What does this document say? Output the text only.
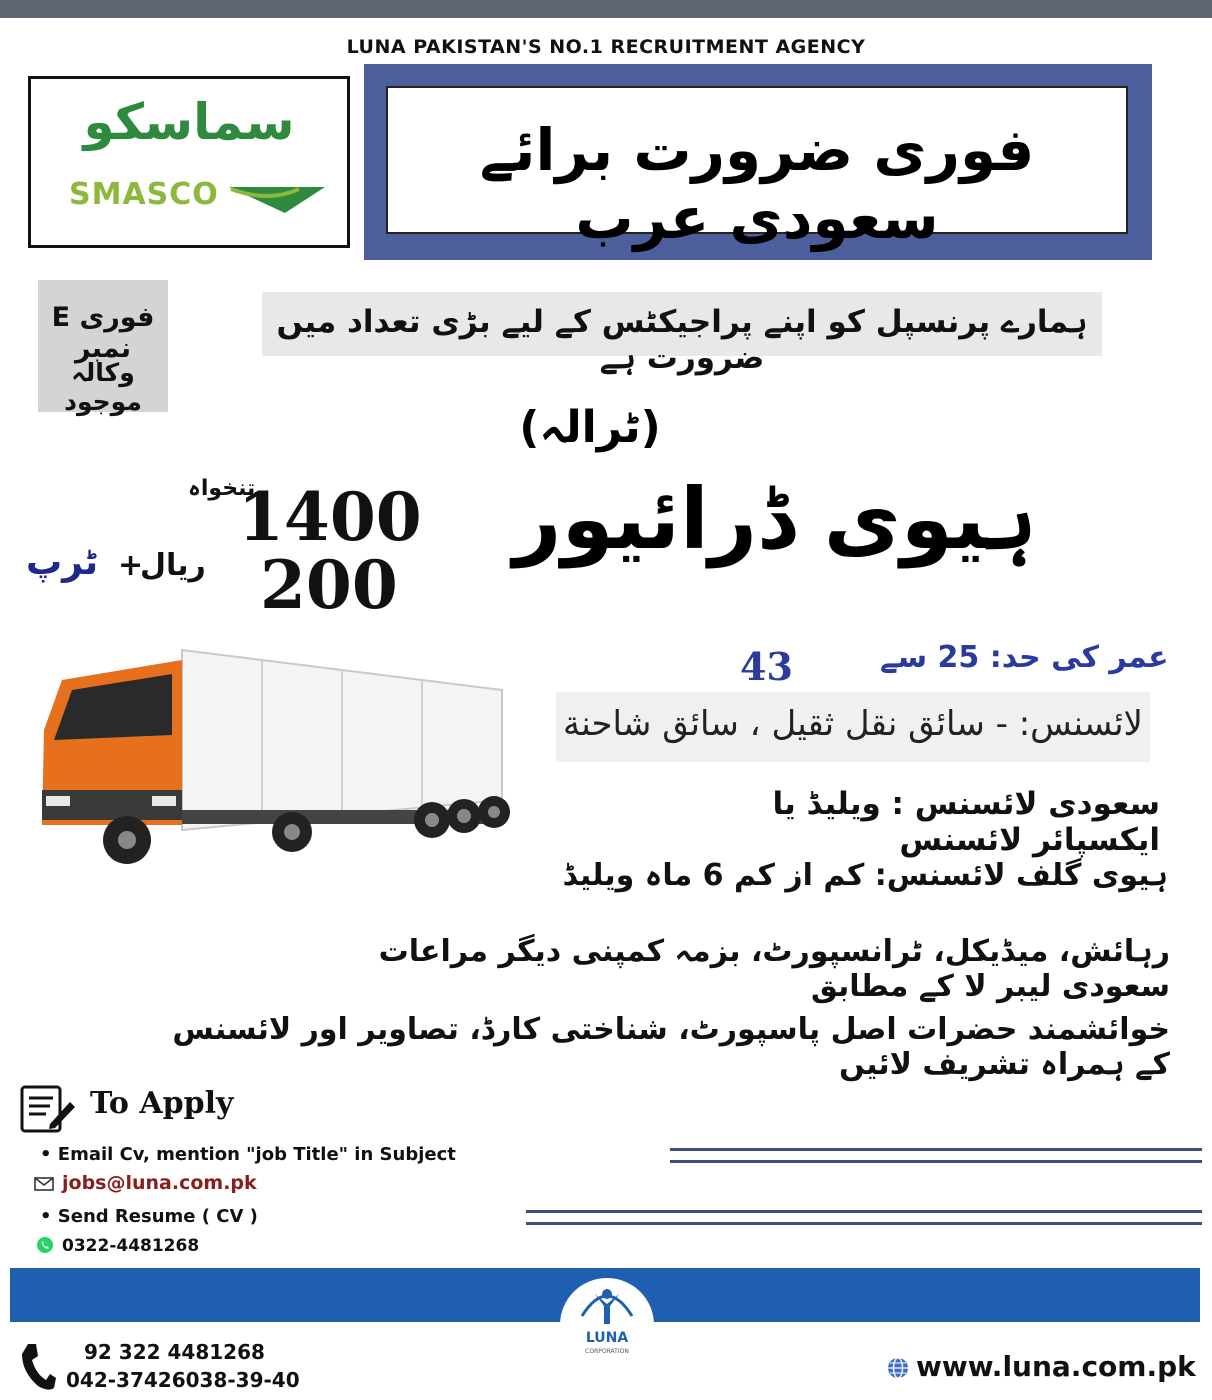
LUNA PAKISTAN'S NO.1 RECRUITMENT AGENCY
سماسکو
SMASCO
فوری ضرورت برائے سعودی عرب
فوری E نمبر
وکالہ موجود
ہمارے پرنسپل کو اپنے پراجیکٹس کے لیے بڑی تعداد میں ضرورت ہے
(ٹرالہ)
ہیوی ڈرائیور
تنخواہ
1400
200
ریال
+
ٹرپ
عمر کی حد: 25 سے
43
لائسنس: - سائق نقل ثقیل ، سائق شاحنة
سعودی لائسنس : ویلیڈ یا ایکسپائر لائسنس
ہیوی گلف لائسنس: کم از کم 6 ماہ ویلیڈ
رہائش، میڈیکل، ٹرانسپورٹ، بزمہ کمپنی دیگر مراعات سعودی لیبر لا کے مطابق
خوائشمند حضرات اصل پاسپورٹ، شناختی کارڈ، تصاویر اور لائسنس کے ہمراہ تشریف لائیں
To Apply
• Email Cv, mention "job Title" in Subject
jobs@luna.com.pk
• Send Resume ( CV )
0322-4481268
LUNA
CORPORATION
92 322 4481268
042-37426038-39-40	www.luna.com.pk
